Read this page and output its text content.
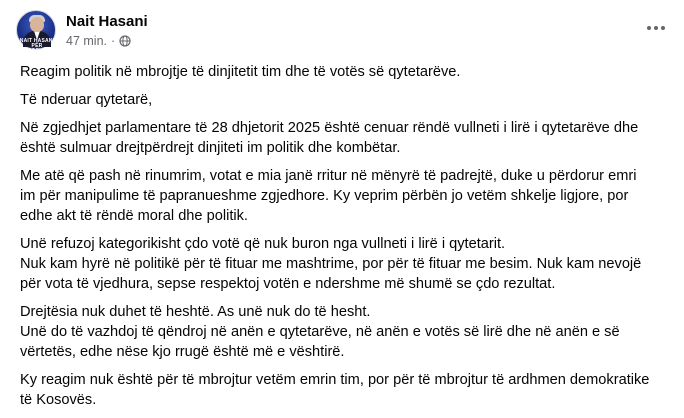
NAIT HASANI
PËR KOSOVËN
Nait Hasani
47 min. ·

Reagim politik në mbrojtje të dinjitetit tim dhe të votës së qytetarëve.

Të nderuar qytetarë,

Në zgjedhjet parlamentare të 28 dhjetorit 2025 është cenuar rëndë vullneti i lirë i qytetarëve dhe
është sulmuar drejtpërdrejt dinjiteti im politik dhe kombëtar.

Me atë që pash në rinumrim, votat e mia janë rritur në mënyrë të padrejtë, duke u përdorur emri
im për manipulime të papranueshme zgjedhore. Ky veprim përbën jo vetëm shkelje ligjore, por
edhe akt të rëndë moral dhe politik.

Unë refuzoj kategorikisht çdo votë që nuk buron nga vullneti i lirë i qytetarit.
Nuk kam hyrë në politikë për të fituar me mashtrime, por për të fituar me besim. Nuk kam nevojë
për vota të vjedhura, sepse respektoj votën e ndershme më shumë se çdo rezultat.

Drejtësia nuk duhet të heshtë. As unë nuk do të hesht.
Unë do të vazhdoj të qëndroj në anën e qytetarëve, në anën e votës së lirë dhe në anën e së
vërtetës, edhe nëse kjo rrugë është më e vështirë.

Ky reagim nuk është për të mbrojtur vetëm emrin tim, por për të mbrojtur të ardhmen demokratike
të Kosovës.
